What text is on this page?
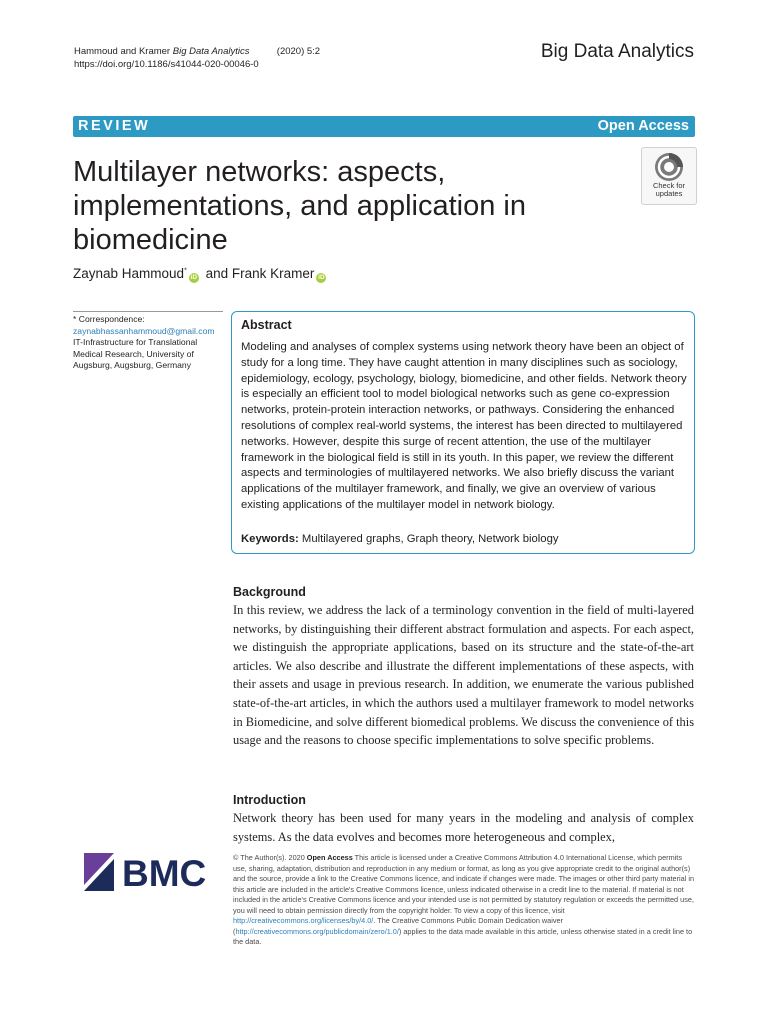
Hammoud and Kramer Big Data Analytics	(2020) 5:2
https://doi.org/10.1186/s41044-020-00046-0
Big Data Analytics
REVIEW	Open Access
Multilayer networks: aspects, implementations, and application in biomedicine
Check for
updates
Zaynab Hammoud*iD and Frank Kramer iD
* Correspondence:
zaynabhassanhammoud@gmail.com
IT-Infrastructure for Translational Medical Research, University of Augsburg, Augsburg, Germany
Abstract
Modeling and analyses of complex systems using network theory have been an object of study for a long time. They have caught attention in many disciplines such as sociology, epidemiology, ecology, psychology, biology, biomedicine, and other fields. Network theory is especially an efficient tool to model biological networks such as gene co-expression networks, protein-protein interaction networks, or pathways. Considering the enhanced resolutions of complex real-world systems, the interest has been directed to multilayered networks. However, despite this surge of recent attention, the use of the multilayer framework in the biological field is still in its youth. In this paper, we review the different aspects and terminologies of multilayered networks. We also briefly discuss the variant applications of the multilayer framework, and finally, we give an overview of various existing applications of the multilayer model in network biology.
Keywords: Multilayered graphs, Graph theory, Network biology
Background
In this review, we address the lack of a terminology convention in the field of multi-layered networks, by distinguishing their different abstract formulation and aspects. For each aspect, we distinguish the appropriate applications, based on its structure and the state-of-the-art articles. We also describe and illustrate the different implementations of these aspects, with their assets and usage in previous research. In addition, we enumerate the various published state-of-the-art articles, in which the authors used a multilayer framework to model networks in Biomedicine, and solve different biomedical problems. We discuss the convenience of this usage and the reasons to choose specific implementations to solve specific problems.
Introduction
Network theory has been used for many years in the modeling and analysis of complex systems. As the data evolves and becomes more heterogeneous and complex,
BMC	© The Author(s). 2020 Open Access This article is licensed under a Creative Commons Attribution 4.0 International License, which permits use, sharing, adaptation, distribution and reproduction in any medium or format, as long as you give appropriate credit to the original author(s) and the source, provide a link to the Creative Commons licence, and indicate if changes were made. The images or other third party material in this article are included in the article's Creative Commons licence, unless indicated otherwise in a credit line to the material. If material is not included in the article's Creative Commons licence and your intended use is not permitted by statutory regulation or exceeds the permitted use, you will need to obtain permission directly from the copyright holder. To view a copy of this licence, visit http://creativecommons.org/licenses/by/4.0/. The Creative Commons Public Domain Dedication waiver (http://creativecommons.org/publicdomain/zero/1.0/) applies to the data made available in this article, unless otherwise stated in a credit line to the data.
